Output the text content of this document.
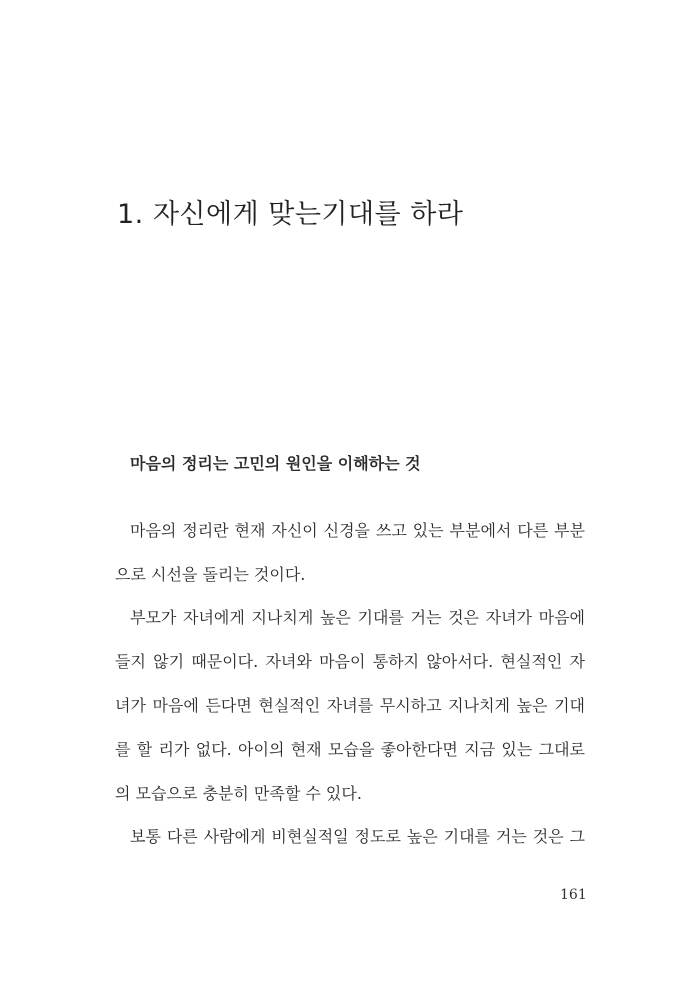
1. 자신에게 맞는기대를 하라
마음의 정리는 고민의 원인을 이해하는 것

마음의 정리란 현재 자신이 신경을 쓰고 있는 부분에서 다른 부분

으로 시선을 돌리는 것이다.

부모가 자녀에게 지나치게 높은 기대를 거는 것은 자녀가 마음에

들지 않기 때문이다. 자녀와 마음이 통하지 않아서다. 현실적인 자

녀가 마음에 든다면 현실적인 자녀를 무시하고 지나치게 높은 기대

를 할 리가 없다. 아이의 현재 모습을 좋아한다면 지금 있는 그대로

의 모습으로 충분히 만족할 수 있다.

보통 다른 사람에게 비현실적일 정도로 높은 기대를 거는 것은 그

161
